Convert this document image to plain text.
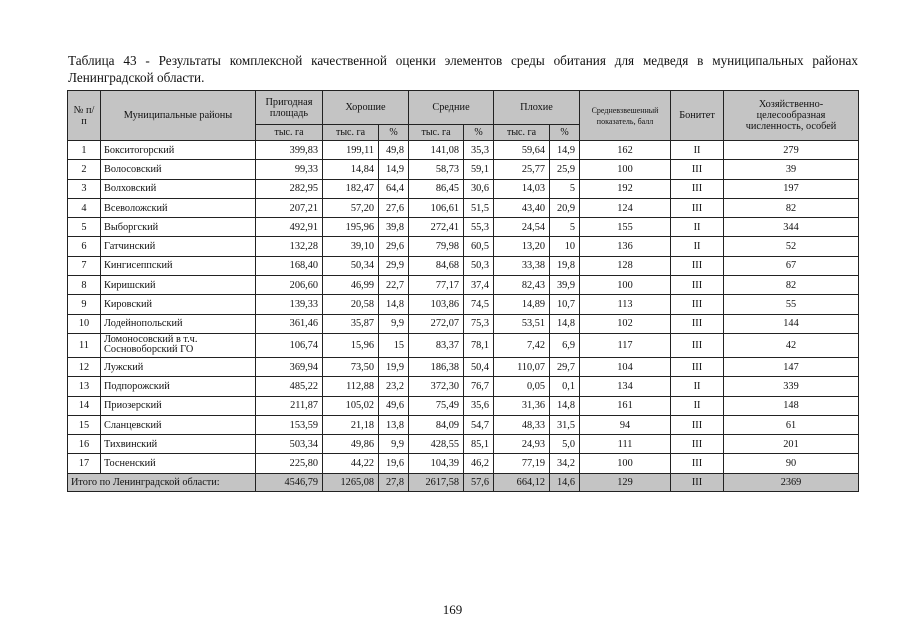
Таблица 43 - Результаты комплексной качественной оценки элементов среды обитания для медведя в муниципальных районах Ленинградской области.
№ п/п	Муниципальные районы	Пригодная площадь	Хорошие		Средние		Плохие		Средневзвешенный показатель, балл	Бонитет	Хозяйственно-целесообразная численность, особей
		тыс. га	тыс. га	%	тыс. га	%	тыс. га	%			
1	Бокситогорский	399,83	199,11	49,8	141,08	35,3	59,64	14,9	162	II	279
2	Волосовский	99,33	14,84	14,9	58,73	59,1	25,77	25,9	100	III	39
3	Волховский	282,95	182,47	64,4	86,45	30,6	14,03	5	192	III	197
4	Всеволожский	207,21	57,20	27,6	106,61	51,5	43,40	20,9	124	III	82
5	Выборгский	492,91	195,96	39,8	272,41	55,3	24,54	5	155	II	344
6	Гатчинский	132,28	39,10	29,6	79,98	60,5	13,20	10	136	II	52
7	Кингисеппский	168,40	50,34	29,9	84,68	50,3	33,38	19,8	128	III	67
8	Киришский	206,60	46,99	22,7	77,17	37,4	82,43	39,9	100	III	82
9	Кировский	139,33	20,58	14,8	103,86	74,5	14,89	10,7	113	III	55
10	Лодейнопольский	361,46	35,87	9,9	272,07	75,3	53,51	14,8	102	III	144
11	Ломоносовский в т.ч. Сосновоборский ГО	106,74	15,96	15	83,37	78,1	7,42	6,9	117	III	42
12	Лужский	369,94	73,50	19,9	186,38	50,4	110,07	29,7	104	III	147
13	Подпорожский	485,22	112,88	23,2	372,30	76,7	0,05	0,1	134	II	339
14	Приозерский	211,87	105,02	49,6	75,49	35,6	31,36	14,8	161	II	148
15	Сланцевский	153,59	21,18	13,8	84,09	54,7	48,33	31,5	94	III	61
16	Тихвинский	503,34	49,86	9,9	428,55	85,1	24,93	5,0	111	III	201
17	Тосненский	225,80	44,22	19,6	104,39	46,2	77,19	34,2	100	III	90
Итого по Ленинградской области:		4546,79	1265,08	27,8	2617,58	57,6	664,12	14,6	129	III	2369
169
